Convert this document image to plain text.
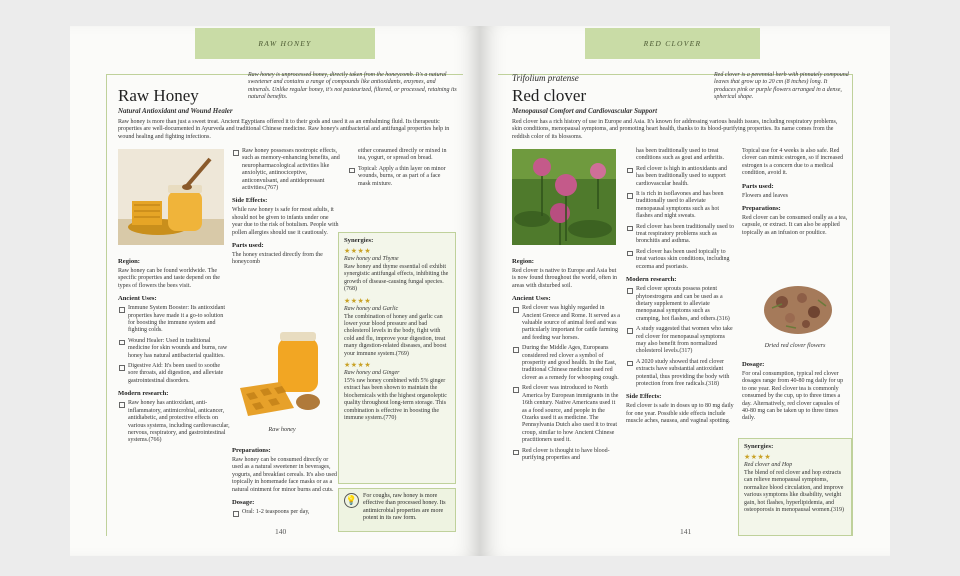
RAW HONEY
Raw honey is unprocessed honey, directly taken from the honeycomb. It's a natural sweetener and contains a range of compounds like antioxidants, enzymes, and minerals. Unlike regular honey, it's not pasteurized, filtered, or processed, retaining its natural benefits.
Raw Honey
Natural Antioxidant and Wound Healer
Raw honey is more than just a sweet treat. Ancient Egyptians offered it to their gods and used it as an embalming fluid. Its therapeutic properties are well-documented in Ayurveda and traditional Chinese medicine. Raw honey's antibacterial and antifungal properties help in wound healing and fighting infections.
Region:
Raw honey can be found worldwide. The specific properties and taste depend on the types of flowers the bees visit.
Ancient Uses:
Immune System Booster: Its antioxidant properties have made it a go-to solution for boosting the immune system and fighting colds.
Wound Healer: Used in traditional medicine for skin wounds and burns, raw honey has natural antibacterial qualities.
Digestive Aid: It's been used to soothe sore throats, aid digestion, and alleviate gastrointestinal disorders.
Modern research:
Raw honey has antioxidant, anti-inflammatory, antimicrobial, anticancer, antidiabetic, and protective effects on various systems, including cardiovascular, nervous, respiratory, and gastrointestinal systems.(766)
Raw honey possesses nootropic effects, such as memory-enhancing benefits, and neuropharmacological activities like anxiolytic, antinociceptive, anticonvulsant, and antidepressant activities.(767)
Side Effects:
While raw honey is safe for most adults, it should not be given to infants under one year due to the risk of botulism. People with pollen allergies should use it cautiously.
Parts used:
The honey extracted directly from the honeycomb
Raw honey
Preparations:
Raw honey can be consumed directly or used as a natural sweetener in beverages, yogurts, and breakfast cereals. It's also used topically in homemade face masks or as a natural ointment for minor burns and cuts.
Dosage:
Oral: 1-2 teaspoons per day,
either consumed directly or mixed in tea, yogurt, or spread on bread.
Topical: Apply a thin layer on minor wounds, burns, or as part of a face mask mixture.
Synergies:
★★★★
Raw honey and Thyme
Raw honey and thyme essential oil exhibit synergistic antifungal effects, inhibiting the growth of disease-causing fungal species.(768)
★★★★
Raw honey and Garlic
The combination of honey and garlic can lower your blood pressure and bad cholesterol levels in the body, fight with cold and flu, improve your digestion, treat many digestion-related diseases, and boost your immune system.(769)
★★★★
Raw honey and Ginger
15% raw honey combined with 5% ginger extract has been shown to maintain the biochemicals with the highest organoleptic quality throughout long-term storage. This combination is effective in boosting the immune system.(770)
💡 For coughs, raw honey is more effective than processed honey. Its antimicrobial properties are more potent in its raw form.
140
RED CLOVER
Trifolium pratense	Red clover is a perennial herb with pinnately compound leaves that grow up to 20 cm (8 inches) long. It produces pink or purple flowers arranged in a dense, spherical shape.
Red clover
Menopausal Comfort and Cardiovascular Support
Red clover has a rich history of use in Europe and Asia. It's known for addressing various health issues, including respiratory problems, skin conditions, menopausal symptoms, and promoting heart health, thanks to its blood-purifying properties. Its name comes from the reddish color of its blossoms.
Region:
Red clover is native to Europe and Asia but is now found throughout the world, often in areas with disturbed soil.
Ancient Uses:
Red clover was highly regarded in Ancient Greece and Rome. It served as a valuable source of animal feed and was particularly important for cattle farming and feeding war horses.
During the Middle Ages, Europeans considered red clover a symbol of prosperity and good health. In the East, traditional Chinese medicine used red clover as a remedy for whooping cough.
Red clover was introduced to North America by European immigrants in the 16th century. Native Americans used it as a food source, and people in the Ozarks used it as medicine. The Pennsylvania Dutch also used it to treat croup, similar to how Ancient Chinese practitioners used it.
Red clover is thought to have blood-purifying properties and
has been traditionally used to treat conditions such as gout and arthritis.
Red clover is high in antioxidants and has been traditionally used to support cardiovascular health.
It is rich in isoflavones and has been traditionally used to alleviate menopausal symptoms such as hot flashes and night sweats.
Red clover has been traditionally used to treat respiratory problems such as bronchitis and asthma.
Red clover has been used topically to treat various skin conditions, including eczema and psoriasis.
Modern research:
Red clover sprouts possess potent phytoestrogens and can be used as a dietary supplement to alleviate menopausal symptoms such as cramping, hot flashes, and others.(316)
A study suggested that women who take red clover for menopausal symptoms may also benefit from normalized cholesterol levels.(317)
A 2020 study showed that red clover extracts have substantial antioxidant potential, thus providing the body with protection from free radicals.(318)
Side Effects:
Red clover is safe in doses up to 80 mg daily for one year. Possible side effects include muscle aches, nausea, and vaginal spotting.
Topical use for 4 weeks is also safe. Red clover can mimic estrogen, so if increased estrogen is a concern due to a medical condition, avoid it.
Parts used:
Flowers and leaves
Preparations:
Red clover can be consumed orally as a tea, capsule, or extract. It can also be applied topically as an infusion or poultice.
Dried red clover flowers
Dosage:
For oral consumption, typical red clover dosages range from 40-80 mg daily for up to one year. Red clover tea is commonly consumed by the cup, up to three times a day. Alternatively, red clover capsules of 40-80 mg can be taken up to three times daily.
Synergies:
★★★★
Red clover and Hop
The blend of red clover and hop extracts can relieve menopausal symptoms, normalize blood circulation, and improve various symptoms like disability, weight gain, hot flashes, hyperlipidemia, and osteoporosis in menopausal women.(319)
141
